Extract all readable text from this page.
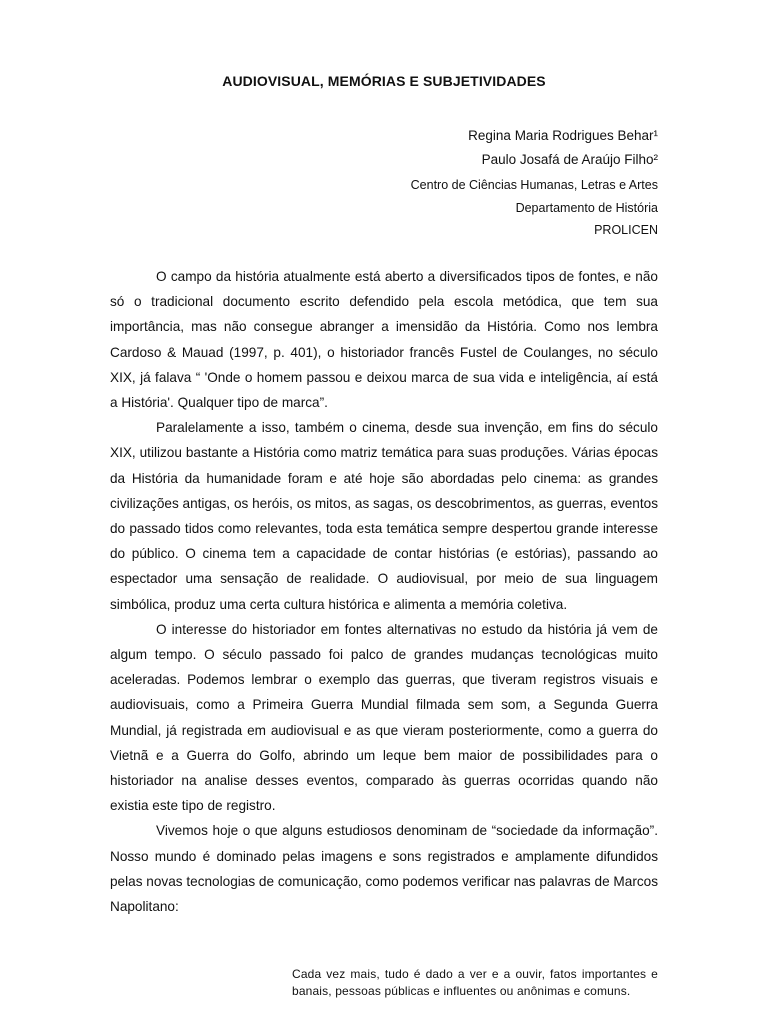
AUDIOVISUAL, MEMÓRIAS E SUBJETIVIDADES
Regina Maria Rodrigues Behar¹
Paulo Josafá de Araújo Filho²
Centro de Ciências Humanas, Letras e Artes
Departamento de História
PROLICEN

O campo da história atualmente está aberto a diversificados tipos de fontes, e não só o tradicional documento escrito defendido pela escola metódica, que tem sua importância, mas não consegue abranger a imensidão da História. Como nos lembra Cardoso & Mauad (1997, p. 401), o historiador francês Fustel de Coulanges, no século XIX, já falava “ 'Onde o homem passou e deixou marca de sua vida e inteligência, aí está a História'. Qualquer tipo de marca”.

Paralelamente a isso, também o cinema, desde sua invenção, em fins do século XIX, utilizou bastante a História como matriz temática para suas produções. Várias épocas da História da humanidade foram e até hoje são abordadas pelo cinema: as grandes civilizações antigas, os heróis, os mitos, as sagas, os descobrimentos, as guerras, eventos do passado tidos como relevantes, toda esta temática sempre despertou grande interesse do público. O cinema tem a capacidade de contar histórias (e estórias), passando ao espectador uma sensação de realidade. O audiovisual, por meio de sua linguagem simbólica, produz uma certa cultura histórica e alimenta a memória coletiva.

O interesse do historiador em fontes alternativas no estudo da história já vem de algum tempo. O século passado foi palco de grandes mudanças tecnológicas muito aceleradas. Podemos lembrar o exemplo das guerras, que tiveram registros visuais e audiovisuais, como a Primeira Guerra Mundial filmada sem som, a Segunda Guerra Mundial, já registrada em audiovisual e as que vieram posteriormente, como a guerra do Vietnã e a Guerra do Golfo, abrindo um leque bem maior de possibilidades para o historiador na analise desses eventos, comparado às guerras ocorridas quando não existia este tipo de registro.

Vivemos hoje o que alguns estudiosos denominam de “sociedade da informação”. Nosso mundo é dominado pelas imagens e sons registrados e amplamente difundidos pelas novas tecnologias de comunicação, como podemos verificar nas palavras de Marcos Napolitano:

Cada vez mais, tudo é dado a ver e a ouvir, fatos importantes e banais, pessoas públicas e influentes ou anônimas e comuns.
